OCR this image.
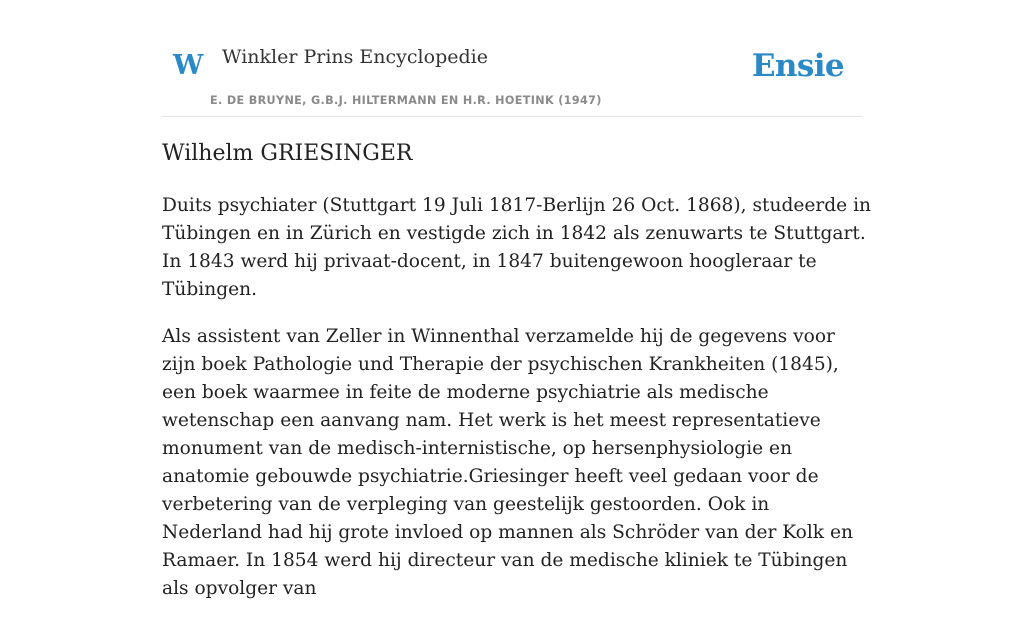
W Winkler Prins Encyclopedie
E. DE BRUYNE, G.B.J. HILTERMANN EN H.R. HOETINK (1947)
Ensie
Wilhelm GRIESINGER

Duits psychiater (Stuttgart 19 Juli 1817-Berlijn 26 Oct. 1868), studeerde in Tübingen en in Zürich en vestigde zich in 1842 als zenuwarts te Stuttgart. In 1843 werd hij privaat-docent, in 1847 buitengewoon hoogleraar te Tübingen.

Als assistent van Zeller in Winnenthal verzamelde hij de gegevens voor zijn boek Pathologie und Therapie der psychischen Krankheiten (1845), een boek waarmee in feite de moderne psychiatrie als medische wetenschap een aanvang nam. Het werk is het meest representatieve monument van de medisch-internistische, op hersenphysiologie en anatomie gebouwde psychiatrie.Griesinger heeft veel gedaan voor de verbetering van de verpleging van geestelijk gestoorden. Ook in Nederland had hij grote invloed op mannen als Schröder van der Kolk en Ramaer. In 1854 werd hij directeur van de medische kliniek te Tübingen als opvolger van
